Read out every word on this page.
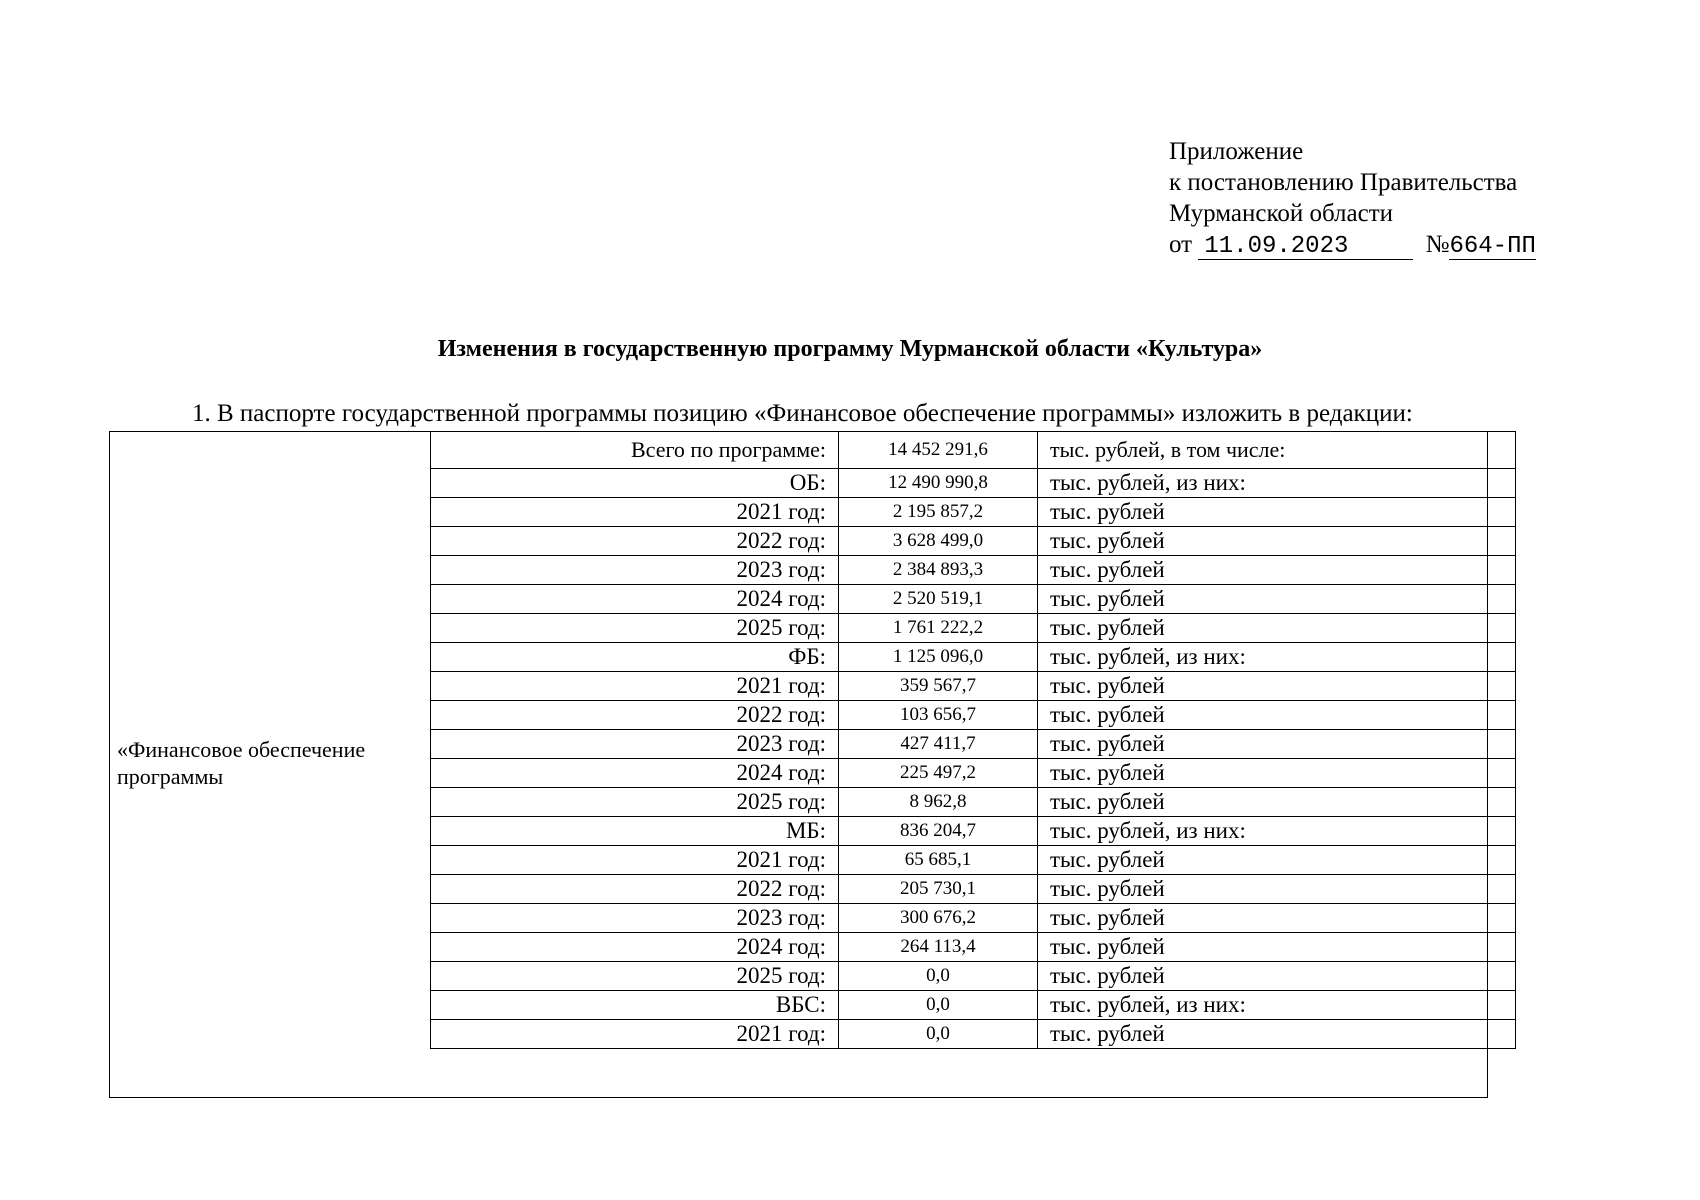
Приложение
к постановлению Правительства
Мурманской области
от 11.09.2023	№664-ПП
Изменения в государственную программу Мурманской области «Культура»
1. В паспорте государственной программы позицию «Финансовое обеспечение программы» изложить в редакции:
«Финансовое обеспечение программы
Всего по программе:	14 452 291,6	тыс. рублей, в том числе:
ОБ:	12 490 990,8	тыс. рублей, из них:
2021 год:	2 195 857,2	тыс. рублей
2022 год:	3 628 499,0	тыс. рублей
2023 год:	2 384 893,3	тыс. рублей
2024 год:	2 520 519,1	тыс. рублей
2025 год:	1 761 222,2	тыс. рублей
ФБ:	1 125 096,0	тыс. рублей, из них:
2021 год:	359 567,7	тыс. рублей
2022 год:	103 656,7	тыс. рублей
2023 год:	427 411,7	тыс. рублей
2024 год:	225 497,2	тыс. рублей
2025 год:	8 962,8	тыс. рублей
МБ:	836 204,7	тыс. рублей, из них:
2021 год:	65 685,1	тыс. рублей
2022 год:	205 730,1	тыс. рублей
2023 год:	300 676,2	тыс. рублей
2024 год:	264 113,4	тыс. рублей
2025 год:	0,0	тыс. рублей
ВБС:	0,0	тыс. рублей, из них:
2021 год:	0,0	тыс. рублей
